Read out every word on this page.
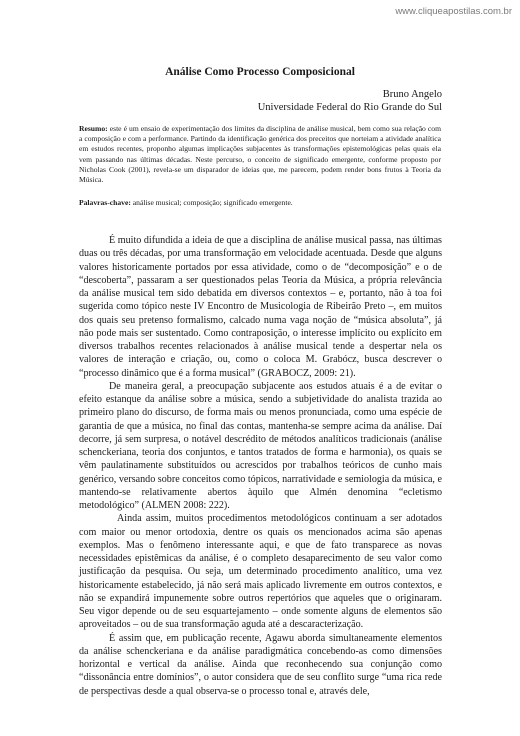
www.cliqueapostilas.com.br
Análise Como Processo Composicional
Bruno Angelo
Universidade Federal do Rio Grande do Sul

Resumo: este é um ensaio de experimentação dos limites da disciplina de análise musical, bem como sua relação com a composição e com a performance. Partindo da identificação genérica dos preceitos que norteiam a atividade analítica em estudos recentes, proponho algumas implicações subjacentes às transformações epistemológicas pelas quais ela vem passando nas últimas décadas. Neste percurso, o conceito de significado emergente, conforme proposto por Nicholas Cook (2001), revela-se um disparador de ideias que, me parecem, podem render bons frutos à Teoria da Música.

Palavras-chave: análise musical; composição; significado emergente.

É muito difundida a ideia de que a disciplina de análise musical passa, nas últimas duas ou três décadas, por uma transformação em velocidade acentuada. Desde que alguns valores historicamente portados por essa atividade, como o de “decomposição” e o de “descoberta”, passaram a ser questionados pelas Teoria da Música, a própria relevância da análise musical tem sido debatida em diversos contextos – e, portanto, não à toa foi sugerida como tópico neste IV Encontro de Musicologia de Ribeirão Preto –, em muitos dos quais seu pretenso formalismo, calcado numa vaga noção de “música absoluta”, já não pode mais ser sustentado. Como contraposição, o interesse implícito ou explícito em diversos trabalhos recentes relacionados à análise musical tende a despertar nela os valores de interação e criação, ou, como o coloca M. Grabócz, busca descrever o “processo dinâmico que é a forma musical” (GRABOCZ, 2009: 21).

De maneira geral, a preocupação subjacente aos estudos atuais é a de evitar o efeito estanque da análise sobre a música, sendo a subjetividade do analista trazida ao primeiro plano do discurso, de forma mais ou menos pronunciada, como uma espécie de garantia de que a música, no final das contas, mantenha-se sempre acima da análise. Daí decorre, já sem surpresa, o notável descrédito de métodos analíticos tradicionais (análise schenckeriana, teoria dos conjuntos, e tantos tratados de forma e harmonia), os quais se vêm paulatinamente substituídos ou acrescidos por trabalhos teóricos de cunho mais genérico, versando sobre conceitos como tópicos, narratividade e semiologia da música, e mantendo-se relativamente abertos àquilo que Almén denomina “ecletismo metodológico” (ALMEN 2008: 222).

Ainda assim, muitos procedimentos metodológicos continuam a ser adotados com maior ou menor ortodoxia, dentre os quais os mencionados acima são apenas exemplos. Mas o fenômeno interessante aqui, e que de fato transparece as novas necessidades epistêmicas da análise, é o completo desaparecimento de seu valor como justificação da pesquisa. Ou seja, um determinado procedimento analítico, uma vez historicamente estabelecido, já não será mais aplicado livremente em outros contextos, e não se expandirá impunemente sobre outros repertórios que aqueles que o originaram. Seu vigor depende ou de seu esquartejamento – onde somente alguns de elementos são aproveitados – ou de sua transformação aguda até a descaracterização.

É assim que, em publicação recente, Agawu aborda simultaneamente elementos da análise schenckeriana e da análise paradigmática concebendo-as como dimensões horizontal e vertical da análise. Ainda que reconhecendo sua conjunção como “dissonância entre domínios”, o autor considera que de seu conflito surge “uma rica rede de perspectivas desde a qual observa-se o processo tonal e, através dele,
